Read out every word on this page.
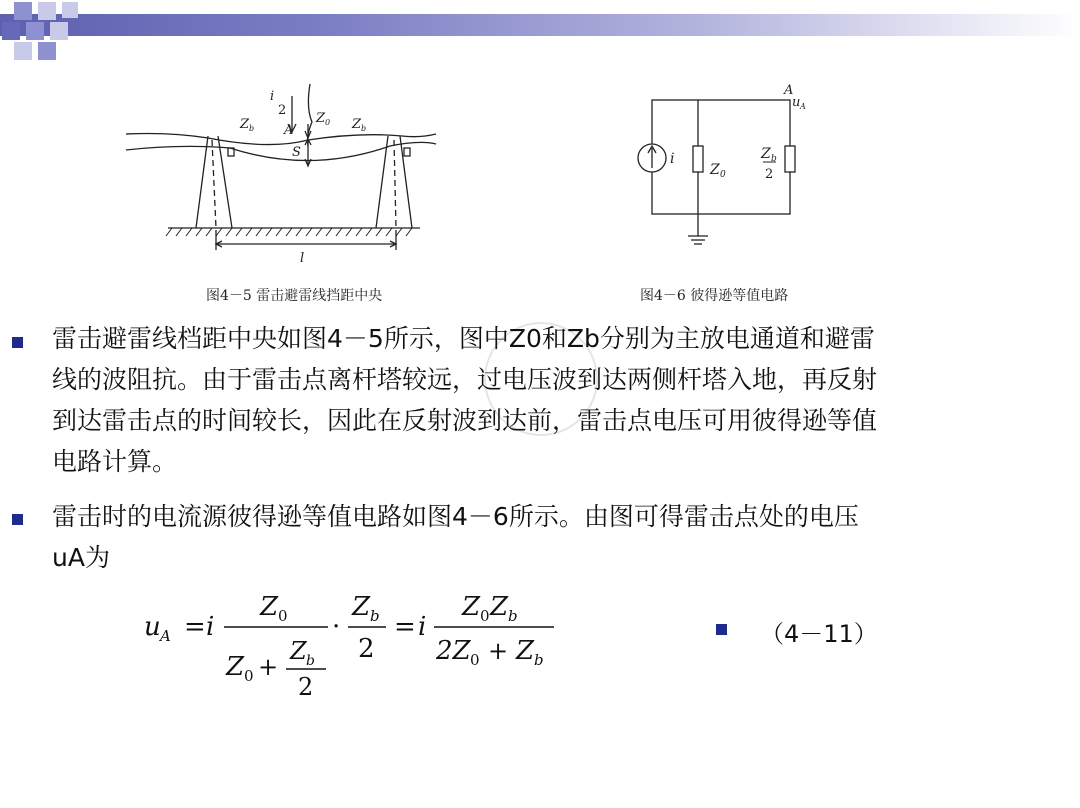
i
2
Z 0
Z b	Z b
A
S
l
图4－5 雷击避雷线挡距中央
A
u A
i
Z 0
Z b
2
图4－6 彼得逊等值电路
雷击避雷线档距中央如图4－5所示，图中Z0和Zb分别为主放电通道和避雷
线的波阻抗。由于雷击点离杆塔较远，过电压波到达两侧杆塔入地，再反射
到达雷击点的时间较长，因此在反射波到达前，雷击点电压可用彼得逊等值
电路计算。
雷击时的电流源彼得逊等值电路如图4－6所示。由图可得雷击点处的电压
uA为
u A = i
Z 0
Z 0 +
Z b
2
·
Z b
2
= i
Z 0 Z b
2Z 0 + Z b
（4－11）
